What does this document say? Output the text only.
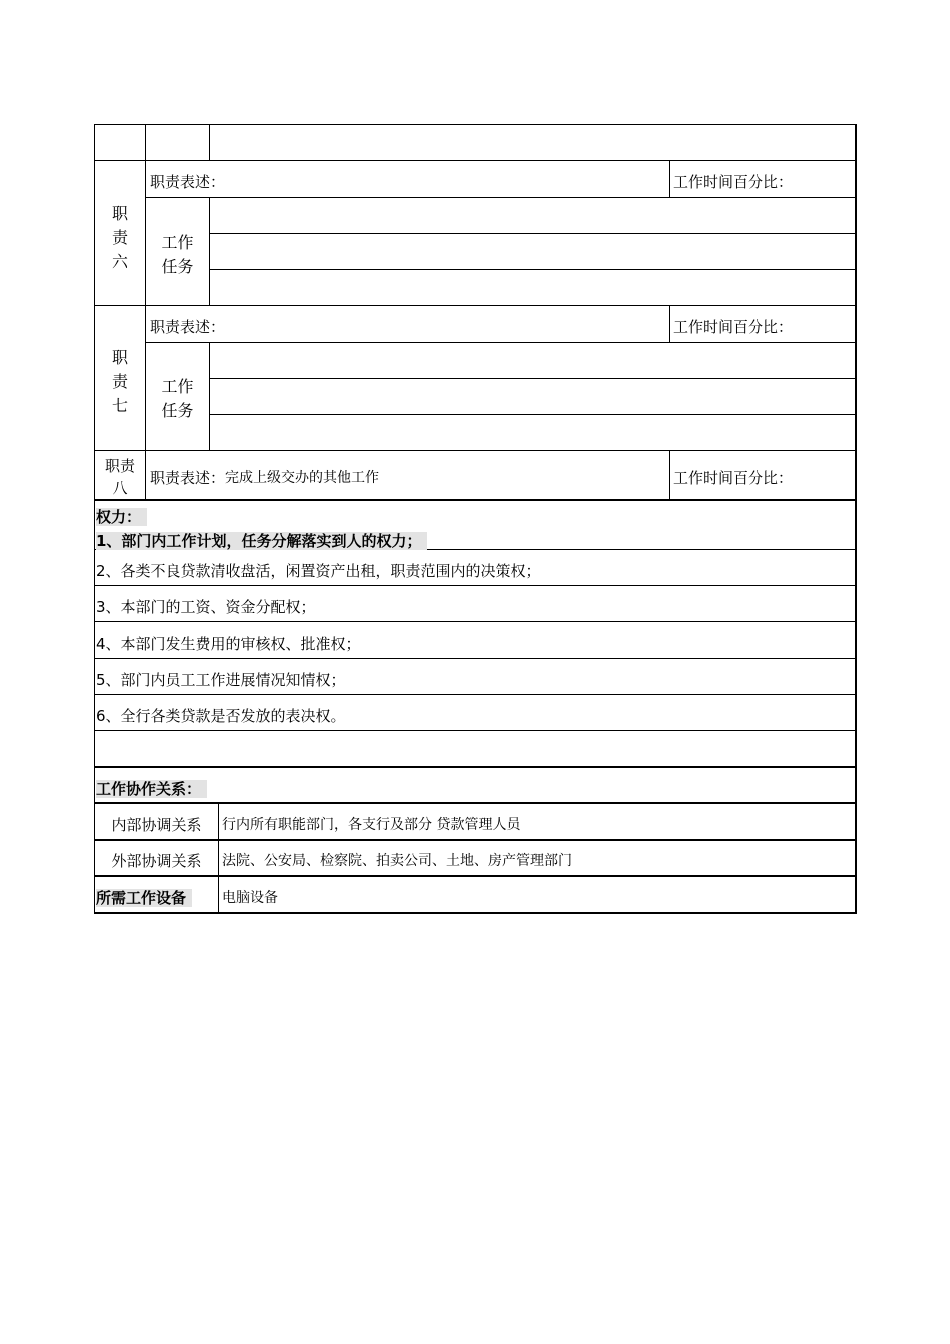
职
责
六
职责表述：	工作时间百分比：
工作
任务
职
责
七
职责表述：	工作时间百分比：
工作
任务
职责
八
职责表述： 完成上级交办的其他工作	工作时间百分比：
权力：
1、部门内工作计划，任务分解落实到人的权力；
2、各类不良贷款清收盘活，闲置资产出租，职责范围内的决策权；
3、本部门的工资、资金分配权；
4、本部门发生费用的审核权、批准权；
5、部门内员工工作进展情况知情权；
6、全行各类贷款是否发放的表决权。
工作协作关系：
内部协调关系	行内所有职能部门，各支行及部分 贷款管理人员
外部协调关系	法院、公安局、检察院、拍卖公司、土地、房产管理部门
所需工作设备	电脑设备
